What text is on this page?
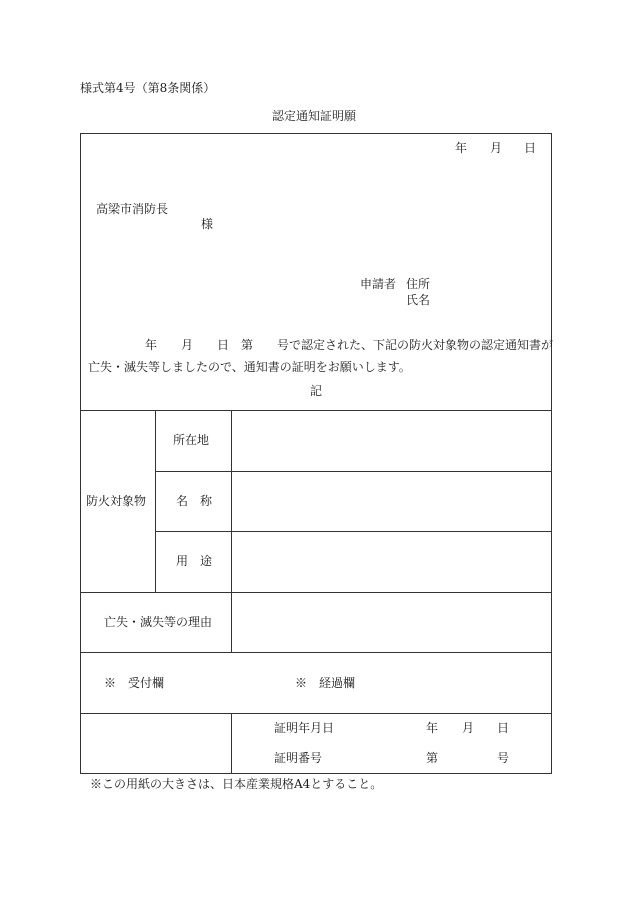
様式第4号（第8条関係）
認定通知証明願
年 月 日
高梁市消防長
様
申請者 住所
氏名
年　　月　　日　第　　号で認定された、下記の防火対象物の認定通知書が
亡失・滅失等しましたので、通知書の証明をお願いします。
記
防火対象物
所在地
名　称
用　途
亡失・滅失等の理由
※　受付欄	※　経過欄
証明年月日	年 月 日
証明番号	第	号
※この用紙の大きさは、日本産業規格A4とすること。
